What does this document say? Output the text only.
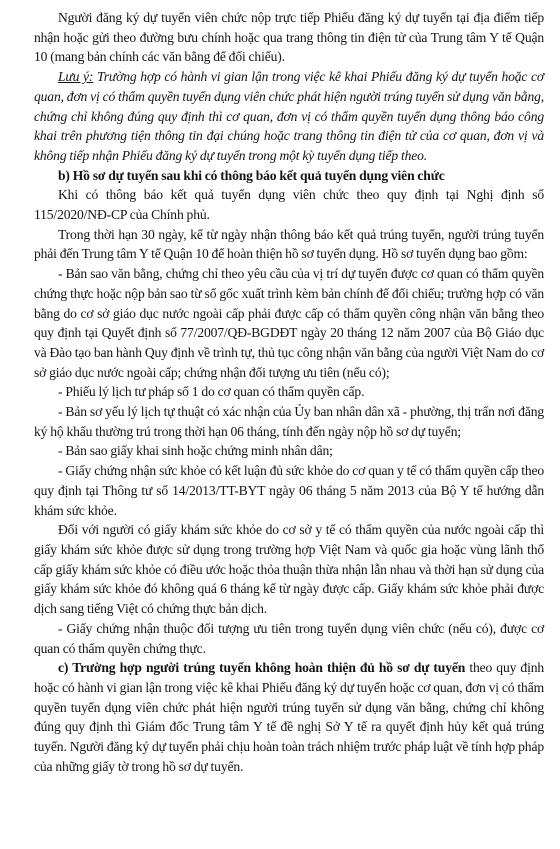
Người đăng ký dự tuyển viên chức nộp trực tiếp Phiếu đăng ký dự tuyển tại địa điểm tiếp nhận hoặc gửi theo đường bưu chính hoặc qua trang thông tin điện tử của Trung tâm Y tế Quận 10 (mang bản chính các văn bằng để đối chiếu).

Lưu ý: Trường hợp có hành vi gian lận trong việc kê khai Phiếu đăng ký dự tuyển hoặc cơ quan, đơn vị có thẩm quyền tuyển dụng viên chức phát hiện người trúng tuyển sử dụng văn bằng, chứng chỉ không đúng quy định thì cơ quan, đơn vị có thẩm quyền tuyển dụng thông báo công khai trên phương tiện thông tin đại chúng hoặc trang thông tin điện tử của cơ quan, đơn vị và không tiếp nhận Phiếu đăng ký dự tuyển trong một kỳ tuyển dụng tiếp theo.

b) Hồ sơ dự tuyển sau khi có thông báo kết quả tuyển dụng viên chức

Khi có thông báo kết quả tuyển dụng viên chức theo quy định tại Nghị định số 115/2020/NĐ-CP của Chính phủ.

Trong thời hạn 30 ngày, kể từ ngày nhận thông báo kết quả trúng tuyển, người trúng tuyển phải đến Trung tâm Y tế Quận 10 để hoàn thiện hồ sơ tuyển dụng. Hồ sơ tuyển dụng bao gồm:

- Bản sao văn bằng, chứng chỉ theo yêu cầu của vị trí dự tuyển được cơ quan có thẩm quyền chứng thực hoặc nộp bản sao từ sổ gốc xuất trình kèm bản chính để đối chiếu; trường hợp có văn bằng do cơ sở giáo dục nước ngoài cấp phải được cấp có thẩm quyền công nhận văn bằng theo quy định tại Quyết định số 77/2007/QĐ-BGDĐT ngày 20 tháng 12 năm 2007 của Bộ Giáo dục và Đào tạo ban hành Quy định về trình tự, thủ tục công nhận văn bằng của người Việt Nam do cơ sở giáo dục nước ngoài cấp; chứng nhận đối tượng ưu tiên (nếu có);

- Phiếu lý lịch tư pháp số 1 do cơ quan có thẩm quyền cấp.

- Bản sơ yếu lý lịch tự thuật có xác nhận của Ủy ban nhân dân xã - phường, thị trấn nơi đăng ký hộ khẩu thường trú trong thời hạn 06 tháng, tính đến ngày nộp hồ sơ dự tuyển;

- Bản sao giấy khai sinh hoặc chứng minh nhân dân;

- Giấy chứng nhận sức khỏe có kết luận đủ sức khỏe do cơ quan y tế có thẩm quyền cấp theo quy định tại Thông tư số 14/2013/TT-BYT ngày 06 tháng 5 năm 2013 của Bộ Y tế hướng dẫn khám sức khỏe.

Đối với người có giấy khám sức khỏe do cơ sở y tế có thẩm quyền của nước ngoài cấp thì giấy khám sức khỏe được sử dụng trong trường hợp Việt Nam và quốc gia hoặc vùng lãnh thổ cấp giấy khám sức khỏe có điều ước hoặc thỏa thuận thừa nhận lẫn nhau và thời hạn sử dụng của giấy khám sức khỏe đó không quá 6 tháng kể từ ngày được cấp. Giấy khám sức khỏe phải được dịch sang tiếng Việt có chứng thực bản dịch.

- Giấy chứng nhận thuộc đối tượng ưu tiên trong tuyển dụng viên chức (nếu có), được cơ quan có thẩm quyền chứng thực.

c) Trường hợp người trúng tuyển không hoàn thiện đủ hồ sơ dự tuyển theo quy định hoặc có hành vi gian lận trong việc kê khai Phiếu đăng ký dự tuyển hoặc cơ quan, đơn vị có thẩm quyền tuyển dụng viên chức phát hiện người trúng tuyển sử dụng văn bằng, chứng chỉ không đúng quy định thì Giám đốc Trung tâm Y tế đề nghị Sở Y tế ra quyết định hủy kết quả trúng tuyển. Người đăng ký dự tuyển phải chịu hoàn toàn trách nhiệm trước pháp luật về tính hợp pháp của những giấy tờ trong hồ sơ dự tuyển.
